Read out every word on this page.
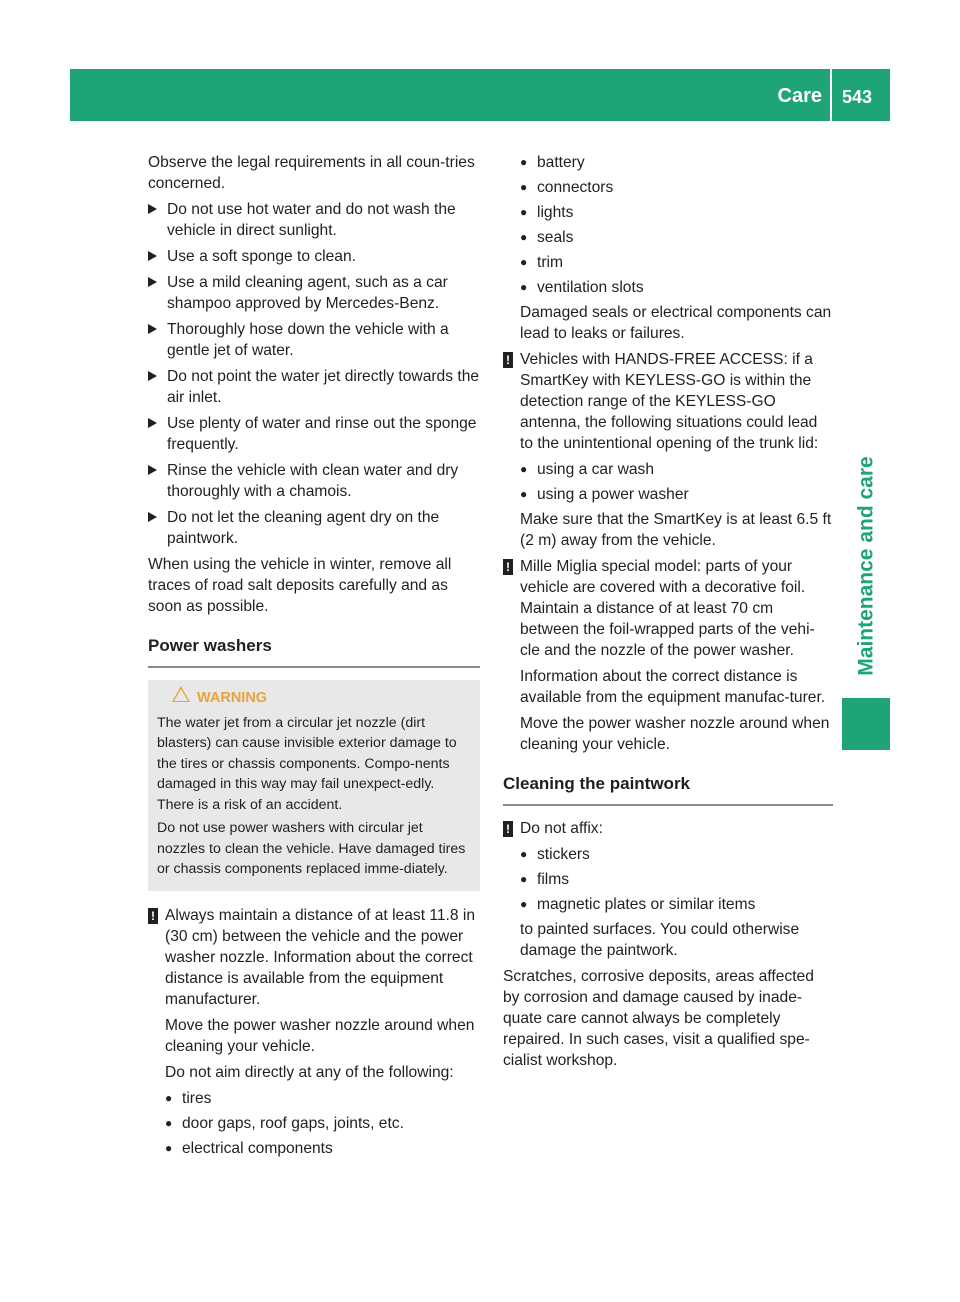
Care 543
Maintenance and care

Observe the legal requirements in all coun-tries concerned.

Do not use hot water and do not wash the vehicle in direct sunlight.
Use a soft sponge to clean.
Use a mild cleaning agent, such as a car shampoo approved by Mercedes-Benz.
Thoroughly hose down the vehicle with a gentle jet of water.
Do not point the water jet directly towards the air inlet.
Use plenty of water and rinse out the sponge frequently.
Rinse the vehicle with clean water and dry thoroughly with a chamois.
Do not let the cleaning agent dry on the paintwork.

When using the vehicle in winter, remove all traces of road salt deposits carefully and as soon as possible.

Power washers
WARNING

The water jet from a circular jet nozzle (dirt blasters) can cause invisible exterior damage to the tires or chassis components. Compo-nents damaged in this way may fail unexpect-edly. There is a risk of an accident.

Do not use power washers with circular jet nozzles to clean the vehicle. Have damaged tires or chassis components replaced imme-diately.

! Always maintain a distance of at least 11.8 in (30 cm) between the vehicle and the power washer nozzle. Information about the correct distance is available from the equipment manufacturer.

Move the power washer nozzle around when cleaning your vehicle.

Do not aim directly at any of the following:

● tires
● door gaps, roof gaps, joints, etc.
● electrical components
● battery
● connectors
● lights
● seals
● trim
● ventilation slots

Damaged seals or electrical components can lead to leaks or failures.

! Vehicles with HANDS-FREE ACCESS: if a SmartKey with KEYLESS-GO is within the detection range of the KEYLESS-GO antenna, the following situations could lead to the unintentional opening of the trunk lid:

● using a car wash
● using a power washer

Make sure that the SmartKey is at least 6.5 ft (2 m) away from the vehicle.

! Mille Miglia special model: parts of your vehicle are covered with a decorative foil. Maintain a distance of at least 70 cm between the foil-wrapped parts of the vehi-cle and the nozzle of the power washer.

Information about the correct distance is available from the equipment manufac-turer.

Move the power washer nozzle around when cleaning your vehicle.

Cleaning the paintwork
! Do not affix:

● stickers
● films
● magnetic plates or similar items

to painted surfaces. You could otherwise damage the paintwork.

Scratches, corrosive deposits, areas affected by corrosion and damage caused by inade-quate care cannot always be completely repaired. In such cases, visit a qualified spe-cialist workshop.
